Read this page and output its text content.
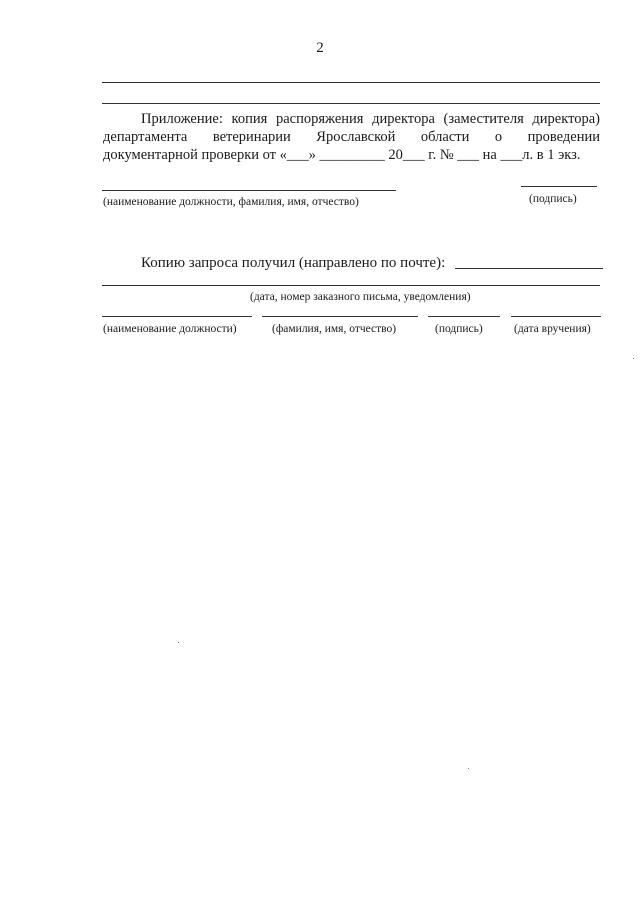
2
Приложение: копия распоряжения директора (заместителя директора)
департамента ветеринарии Ярославской области о проведении
документарной проверки от «___» _________ 20___ г. № ___ на ___л. в 1 экз.
(наименование должности, фамилия, имя, отчество)	(подпись)
Копию запроса получил (направлено по почте):
(дата, номер заказного письма, уведомления)
(наименование должности)	(фамилия, имя, отчество)	(подпись)	(дата вручения)
